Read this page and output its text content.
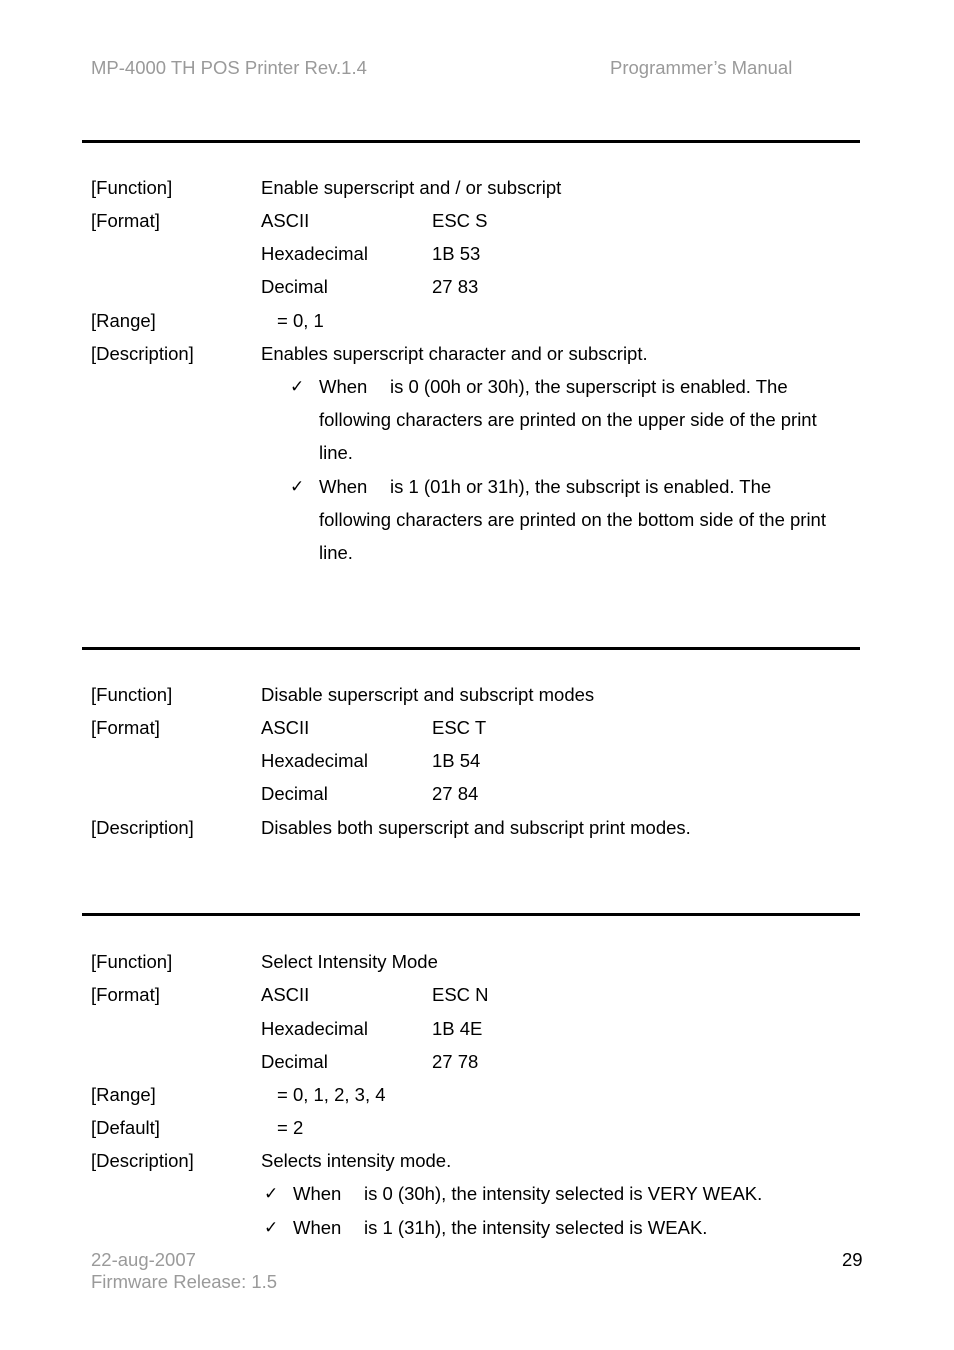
MP-4000 TH POS Printer Rev.1.4	Programmer’s Manual
[Function]	Enable superscript and / or subscript
[Format]	ASCII	ESC S
Hexadecimal	1B 53
Decimal	27 83
[Range]	= 0, 1
[Description]	Enables superscript character and or subscript.
✓ When is 0 (00h or 30h), the superscript is enabled. The
following characters are printed on the upper side of the print
line.
✓ When is 1 (01h or 31h), the subscript is enabled. The
following characters are printed on the bottom side of the print
line.
[Function]	Disable superscript and subscript modes
[Format]	ASCII	ESC T
Hexadecimal	1B 54
Decimal	27 84
[Description]	Disables both superscript and subscript print modes.
[Function]	Select Intensity Mode
[Format]	ASCII	ESC N
Hexadecimal	1B 4E
Decimal	27 78
[Range]	= 0, 1, 2, 3, 4
[Default]	= 2
[Description]	Selects intensity mode.
✓ When is 0 (30h), the intensity selected is VERY WEAK.
✓ When is 1 (31h), the intensity selected is WEAK.
22-aug-2007
Firmware Release: 1.5
29
